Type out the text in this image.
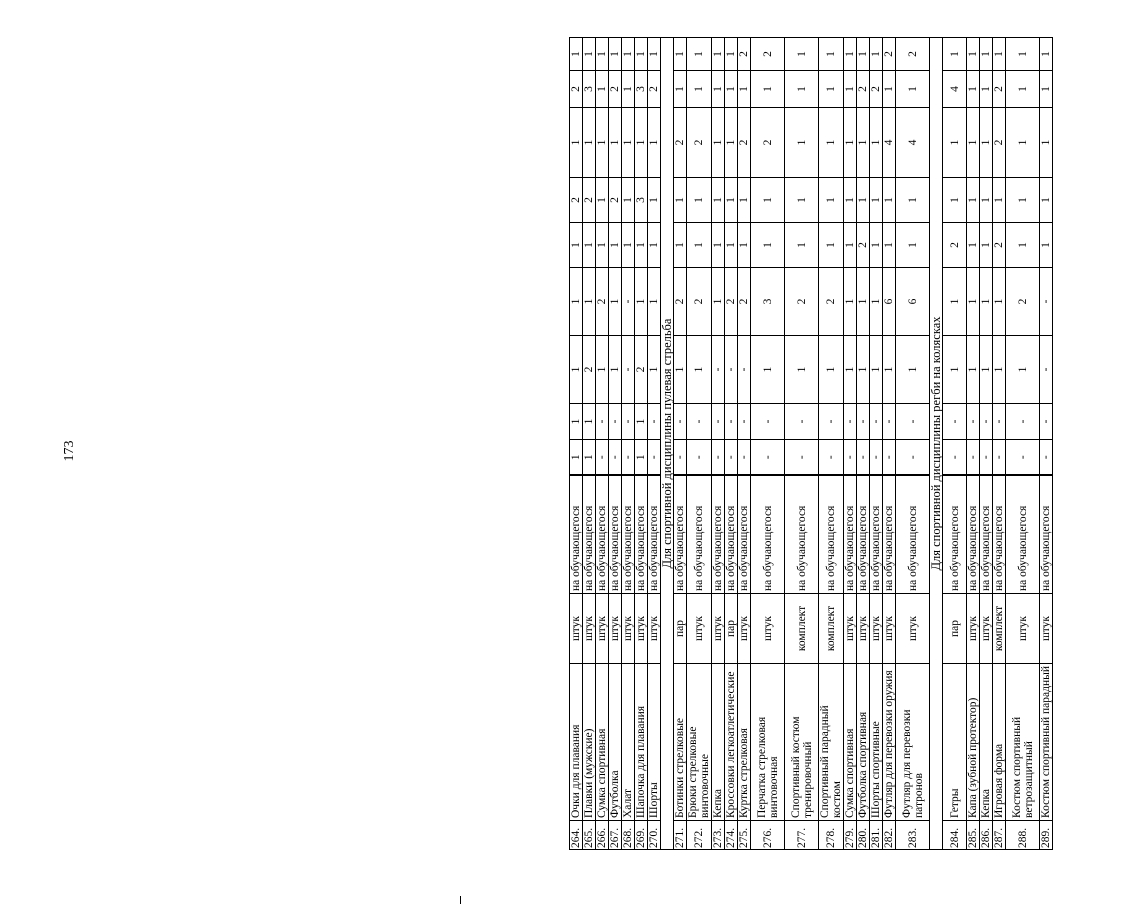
173
264.	Очки для плавания	штук	на обучающегося	1	1	1	1	1	2	1	2	1
265.	Плавки (мужские)	штук	на обучающегося	1	1	2	1	1	2	1	3	1
266.	Сумка спортивная	штук	на обучающегося	-	-	1	2	1	1	1	1	1
267.	Футболка	штук	на обучающегося	-	-	1	1	1	2	1	2	1
268.	Халат	штук	на обучающегося	-	-	-	-	1	1	1	1	1
269.	Шапочка для плавания	штук	на обучающегося	1	1	2	1	1	3	1	3	1
270.	Шорты	штук	на обучающегося	-	-	1	1	1	1	1	2	1
Для спортивной дисциплины пулевая стрельба												
271.	Ботинки стрелковые	пар	на обучающегося	-	-	1	2	1	1	2	1	1
272.	Брюки стрелковые винтовочные	штук	на обучающегося	-	-	1	2	1	1	2	1	1
273.	Кепка	штук	на обучающегося	-	-	-	1	1	1	1	1	1
274.	Кроссовки легкоатлетические	пар	на обучающегося	-	-	-	2	1	1	1	1	1
275.	Куртка стрелковая	штук	на обучающегося	-	-	-	2	1	1	2	1	2
276.	Перчатка стрелковая винтовочная	штук	на обучающегося	-	-	1	3	1	1	2	1	2
277.	Спортивный костюм тренировочный	комплект	на обучающегося	-	-	1	2	1	1	1	1	1
278.	Спортивный парадный костюм	комплект	на обучающегося	-	-	1	2	1	1	1	1	1
279.	Сумка спортивная	штук	на обучающегося	-	-	1	1	1	1	1	1	1
280.	Футболка спортивная	штук	на обучающегося	-	-	1	1	2	1	1	2	1
281.	Шорты спортивные	штук	на обучающегося	-	-	1	1	1	1	1	2	1
282.	Футляр для перевозки оружия	штук	на обучающегося	-	-	1	6	1	1	4	1	2
283.	Футляр для перевозки патронов	штук	на обучающегося	-	-	1	6	1	1	4	1	2
Для спортивной дисциплины регби на колясках												
284.	Гетры	пар	на обучающегося	-	-	1	1	2	1	1	4	1
285.	Капа (зубной протектор)	штук	на обучающегося	-	-	1	1	1	1	1	1	1
286.	Кепка	штук	на обучающегося	-	-	1	1	1	1	1	1	1
287.	Игровая форма	комплект	на обучающегося	-	-	1	1	2	1	2	2	1
288.	Костюм спортивный ветрозащитный	штук	на обучающегося	-	-	1	2	1	1	1	1	1
289.	Костюм спортивный парадный	штук	на обучающегося	-	-	-	-	1	1	1	1	1
